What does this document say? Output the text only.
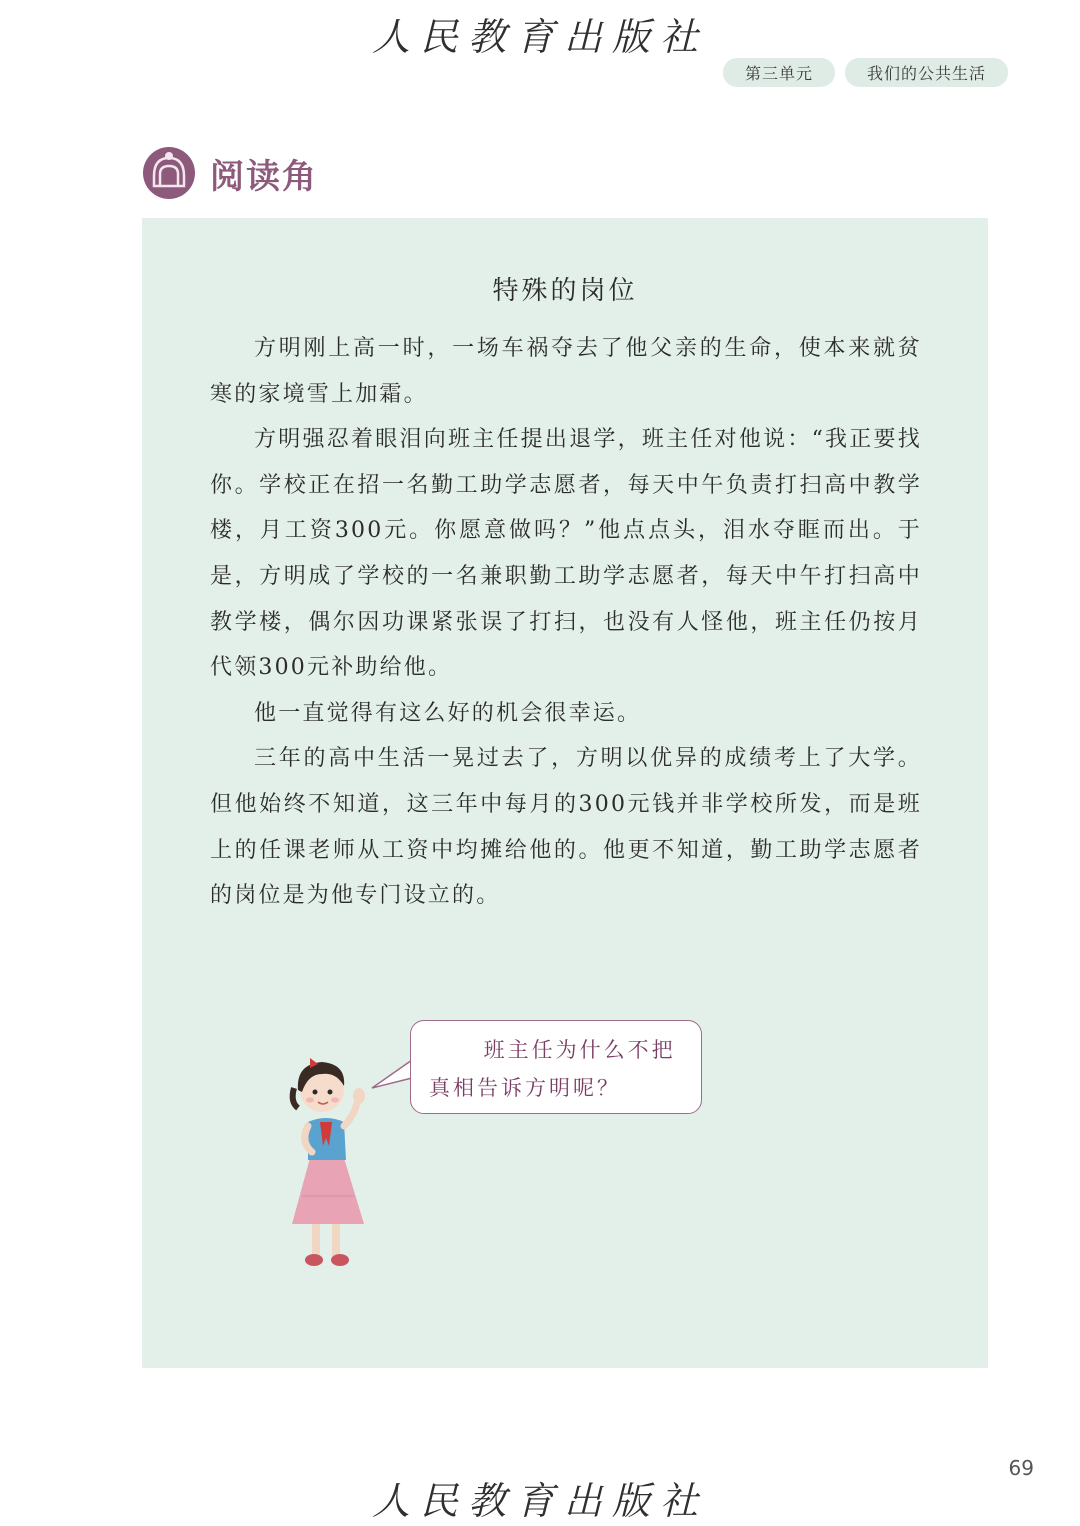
人民教育出版社
第三单元	我们的公共生活
阅读角
特殊的岗位

方明刚上高一时，一场车祸夺去了他父亲的生命，使本来就贫寒的家境雪上加霜。

方明强忍着眼泪向班主任提出退学，班主任对他说：“我正要找你。学校正在招一名勤工助学志愿者，每天中午负责打扫高中教学楼，月工资300元。你愿意做吗？”他点点头，泪水夺眶而出。于是，方明成了学校的一名兼职勤工助学志愿者，每天中午打扫高中教学楼，偶尔因功课紧张误了打扫，也没有人怪他，班主任仍按月代领300元补助给他。

他一直觉得有这么好的机会很幸运。

三年的高中生活一晃过去了，方明以优异的成绩考上了大学。但他始终不知道，这三年中每月的300元钱并非学校所发，而是班上的任课老师从工资中均摊给他的。他更不知道，勤工助学志愿者的岗位是为他专门设立的。

班主任为什么不把真相告诉方明呢？
69
人民教育出版社
